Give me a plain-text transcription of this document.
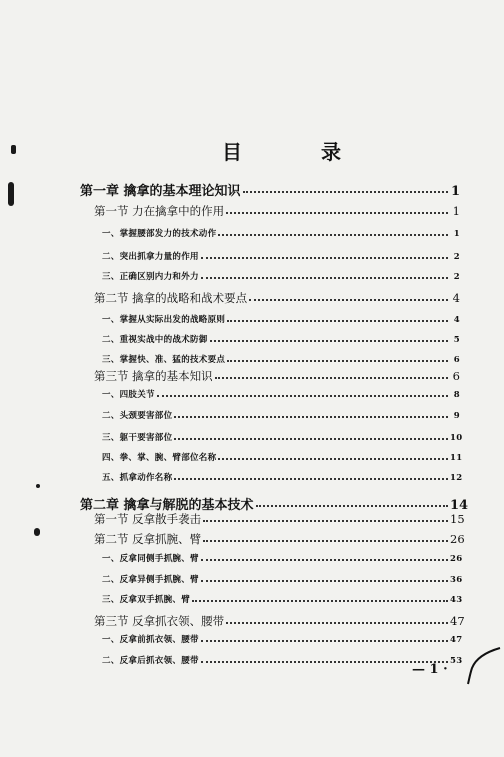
目 录
第一章 擒拿的基本理论知识	1
第一节 力在擒拿中的作用	1
一、掌握腰部发力的技术动作	1
二、突出抓拿力量的作用	2
三、正确区别内力和外力	2
第二节 擒拿的战略和战术要点	4
一、掌握从实际出发的战略原则	4
二、重视实战中的战术防御	5
三、掌握快、准、猛的技术要点	6
第三节 擒拿的基本知识	6
一、四肢关节	8
二、头颈要害部位	9
三、躯干要害部位	10
四、拳、掌、腕、臂部位名称	11
五、抓拿动作名称	12
第二章 擒拿与解脱的基本技术	14
第一节 反拿散手袭击	15
第二节 反拿抓腕、臂	26
一、反拿同侧手抓腕、臂	26
二、反拿异侧手抓腕、臂	36
三、反拿双手抓腕、臂	43
第三节 反拿抓衣领、腰带	47
一、反拿前抓衣领、腰带	47
二、反拿后抓衣领、腰带	53
— 1 ·
